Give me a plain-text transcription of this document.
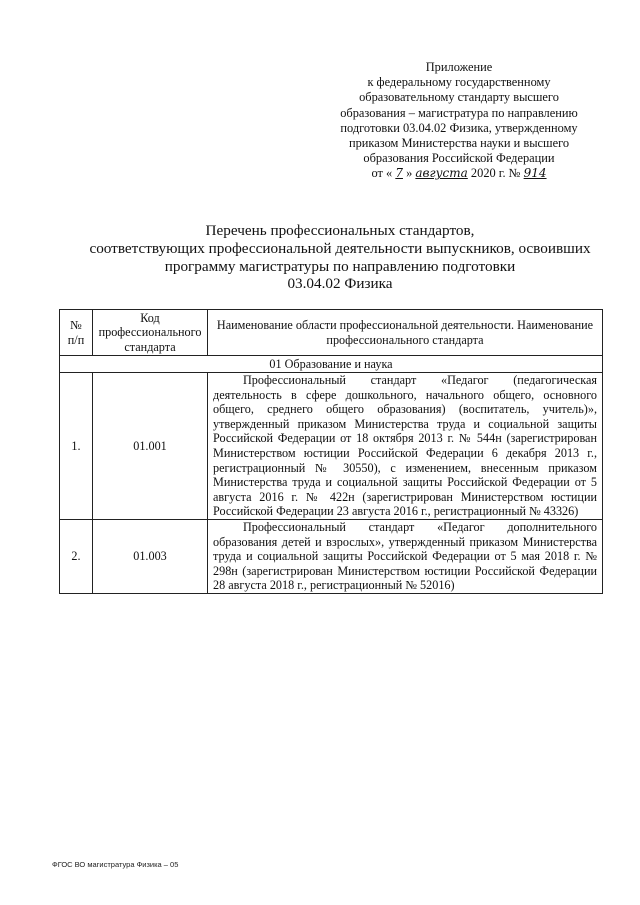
Приложение
к федеральному государственному
образовательному стандарту высшего
образования – магистратура по направлению
подготовки 03.04.02 Физика, утвержденному
приказом Министерства науки и высшего
образования Российской Федерации
от « 7 » августа 2020 г. № 914
Перечень профессиональных стандартов,
соответствующих профессиональной деятельности выпускников, освоивших
программу магистратуры по направлению подготовки
03.04.02 Физика
№ п/п	Код профессионального стандарта	Наименование области профессиональной деятельности. Наименование профессионального стандарта
01 Образование и наука		
1.	01.001	Профессиональный стандарт «Педагог (педагогическая деятельность в сфере дошкольного, начального общего, основного общего, среднего общего образования) (воспитатель, учитель)», утвержденный приказом Министерства труда и социальной защиты Российской Федерации от 18 октября 2013 г. № 544н (зарегистрирован Министерством юстиции Российской Федерации 6 декабря 2013 г., регистрационный № 30550), с изменением, внесенным приказом Министерства труда и социальной защиты Российской Федерации от 5 августа 2016 г. № 422н (зарегистрирован Министерством юстиции Российской Федерации 23 августа 2016 г., регистрационный № 43326)
2.	01.003	Профессиональный стандарт «Педагог дополнительного образования детей и взрослых», утвержденный приказом Министерства труда и социальной защиты Российской Федерации от 5 мая 2018 г. № 298н (зарегистрирован Министерством юстиции Российской Федерации 28 августа 2018 г., регистрационный № 52016)
ФГОС ВО магистратура Физика – 05
